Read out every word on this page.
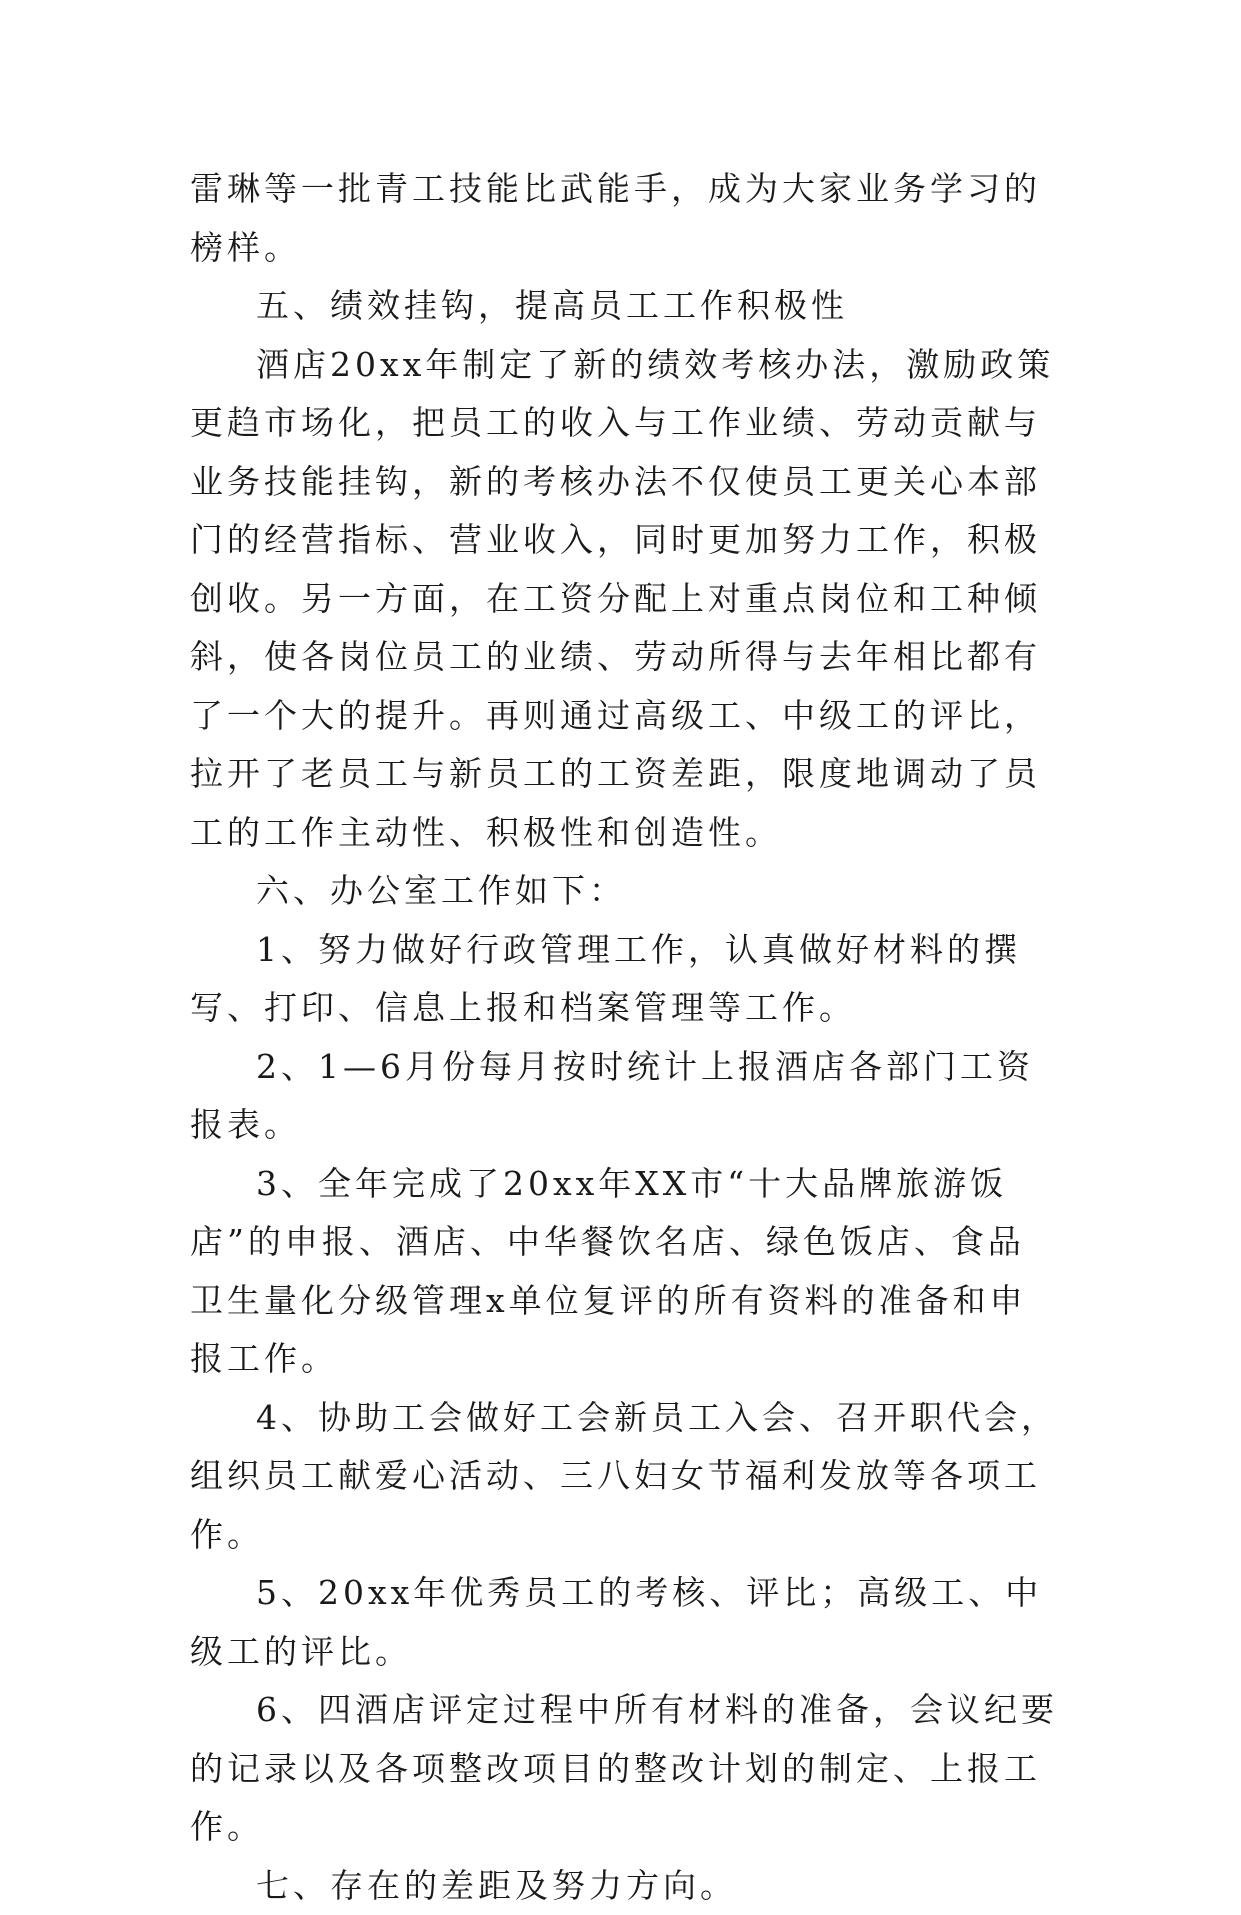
雷琳等一批青工技能比武能手，成为大家业务学习的榜样。

五、绩效挂钩，提高员工工作积极性

酒店20xx年制定了新的绩效考核办法，激励政策更趋市场化，把员工的收入与工作业绩、劳动贡献与业务技能挂钩，新的考核办法不仅使员工更关心本部门的经营指标、营业收入，同时更加努力工作，积极创收。另一方面，在工资分配上对重点岗位和工种倾斜，使各岗位员工的业绩、劳动所得与去年相比都有了一个大的提升。再则通过高级工、中级工的评比，拉开了老员工与新员工的工资差距，限度地调动了员工的工作主动性、积极性和创造性。

六、办公室工作如下：

1、努力做好行政管理工作，认真做好材料的撰写、打印、信息上报和档案管理等工作。

2、1—6月份每月按时统计上报酒店各部门工资报表。

3、全年完成了20xx年XX市“十大品牌旅游饭店”的申报、酒店、中华餐饮名店、绿色饭店、食品卫生量化分级管理x单位复评的所有资料的准备和申报工作。

4、协助工会做好工会新员工入会、召开职代会，组织员工献爱心活动、三八妇女节福利发放等各项工作。

5、20xx年优秀员工的考核、评比；高级工、中级工的评比。

6、四酒店评定过程中所有材料的准备，会议纪要的记录以及各项整改项目的整改计划的制定、上报工作。

七、存在的差距及努力方向。
